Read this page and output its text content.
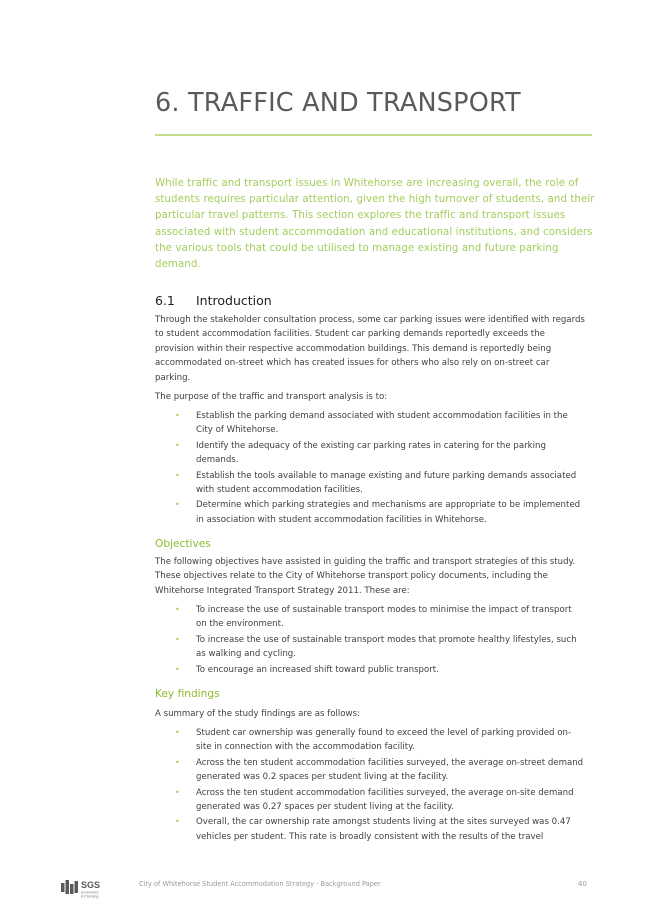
6. TRAFFIC AND TRANSPORT

While traffic and transport issues in Whitehorse are increasing overall, the role of students requires particular attention, given the high turnover of students, and their particular travel patterns. This section explores the traffic and transport issues associated with student accommodation and educational institutions, and considers the various tools that could be utilised to manage existing and future parking demand.

6.1 Introduction

Through the stakeholder consultation process, some car parking issues were identified with regards to student accommodation facilities. Student car parking demands reportedly exceeds the provision within their respective accommodation buildings. This demand is reportedly being accommodated on-street which has created issues for others who also rely on on-street car parking.

The purpose of the traffic and transport analysis is to:

• Establish the parking demand associated with student accommodation facilities in the City of Whitehorse.
• Identify the adequacy of the existing car parking rates in catering for the parking demands.
• Establish the tools available to manage existing and future parking demands associated with student accommodation facilities.
• Determine which parking strategies and mechanisms are appropriate to be implemented in association with student accommodation facilities in Whitehorse.
Objectives

The following objectives have assisted in guiding the traffic and transport strategies of this study. These objectives relate to the City of Whitehorse transport policy documents, including the Whitehorse Integrated Transport Strategy 2011. These are:

• To increase the use of sustainable transport modes to minimise the impact of transport on the environment.
• To increase the use of sustainable transport modes that promote healthy lifestyles, such as walking and cycling.
• To encourage an increased shift toward public transport.
Key findings

A summary of the study findings are as follows:

• Student car ownership was generally found to exceed the level of parking provided on-site in connection with the accommodation facility.
• Across the ten student accommodation facilities surveyed, the average on-street demand generated was 0.2 spaces per student living at the facility.
• Across the ten student accommodation facilities surveyed, the average on-site demand generated was 0.27 spaces per student living at the facility.
• Overall, the car ownership rate amongst students living at the sites surveyed was 0.47 vehicles per student. This rate is broadly consistent with the results of the travel
SGS
Economics
& Planning
City of Whitehorse Student Accommodation Strategy - Background Paper	40
